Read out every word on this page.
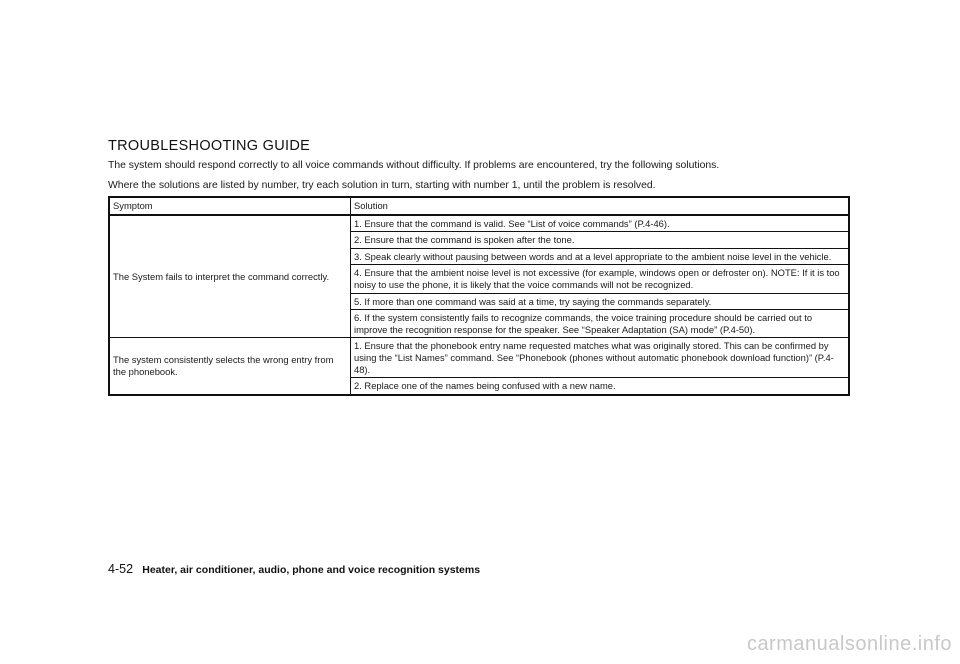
TROUBLESHOOTING GUIDE
The system should respond correctly to all voice commands without difficulty. If problems are encountered, try the following solutions.
Where the solutions are listed by number, try each solution in turn, starting with number 1, until the problem is resolved.
Symptom	Solution
The System fails to interpret the command correctly.	1. Ensure that the command is valid. See “List of voice commands” (P.4-46).
	2. Ensure that the command is spoken after the tone.
	3. Speak clearly without pausing between words and at a level appropriate to the ambient noise level in the vehicle.
	4. Ensure that the ambient noise level is not excessive (for example, windows open or defroster on). NOTE: If it is too noisy to use the phone, it is likely that the voice commands will not be recognized.
	5. If more than one command was said at a time, try saying the commands separately.
	6. If the system consistently fails to recognize commands, the voice training procedure should be carried out to improve the recognition response for the speaker. See “Speaker Adaptation (SA) mode” (P.4-50).
The system consistently selects the wrong entry from the phonebook.	1. Ensure that the phonebook entry name requested matches what was originally stored. This can be confirmed by using the “List Names” command. See “Phonebook (phones without automatic phonebook download function)” (P.4-48).
	2. Replace one of the names being confused with a new name.
4-52 Heater, air conditioner, audio, phone and voice recognition systems
carmanualsonline.info
